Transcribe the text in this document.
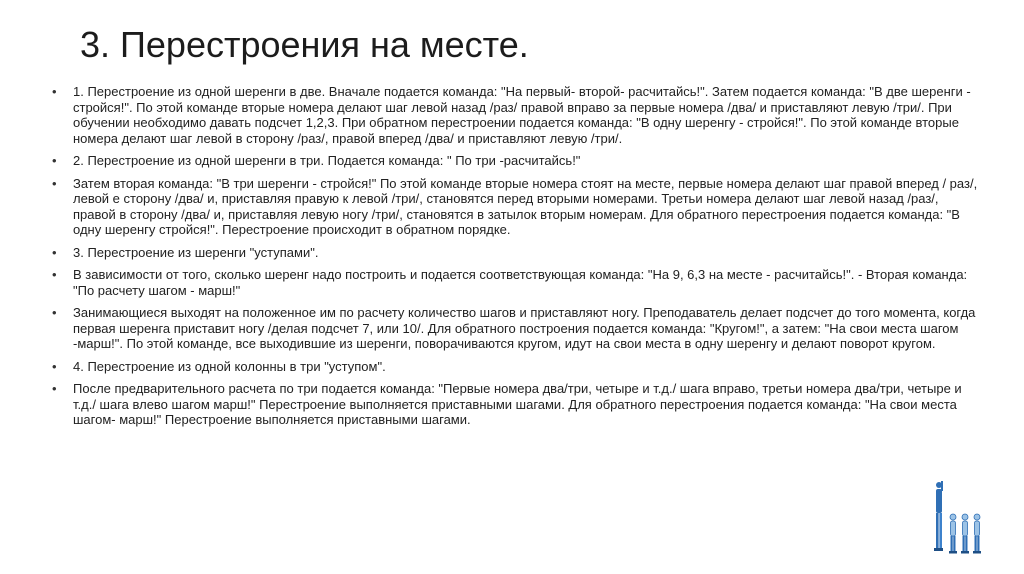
3. Перестроения на месте.
• 1. Перестроение из одной шеренги в две. Вначале подается команда: "На первый- второй- расчитайсь!". Затем подается команда: "В две шеренги - стройся!". По этой команде вторые номера делают шаг левой назад /раз/ правой вправо за первые номера /два/ и приставляют левую /три/. При обучении необходимо давать подсчет 1,2,3. При обратном перестроении подается команда: "В одну шеренгу - стройся!". По этой команде вторые номера делают шаг левой в сторону /раз/, правой вперед /два/ и приставляют левую /три/.
• 2. Перестроение из одной шеренги в три. Подается команда: " По три -расчитайсь!"
• Затем вторая команда: "В три шеренги - стройся!" По этой команде вторые номера стоят на месте, первые номера делают шаг правой вперед / раз/, левой е сторону /два/ и, приставляя правую к левой /три/, становятся перед вторыми номерами. Третьи номера делают шаг левой назад /раз/, правой в сторону /два/ и, приставляя левую ногу /три/, становятся в затылок вторым номерам. Для обратного перестроения подается команда: "В одну шеренгу стройся!". Перестроение происходит в обратном порядке.
• 3. Перестроение из шеренги "уступами".
• В зависимости от того, сколько шеренг надо построить и подается соответствующая команда: "На 9, 6,3 на месте - расчитайсь!". - Вторая команда: "По расчету шагом - марш!"
• Занимающиеся выходят на положенное им по расчету количество шагов и приставляют ногу. Преподаватель делает подсчет до того момента, когда первая шеренга приставит ногу /делая подсчет 7, или 10/. Для обратного построения подается команда: "Кругом!", а затем: "На свои места шагом -марш!". По этой команде, все выходившие из шеренги, поворачиваются кругом, идут на свои места в одну шеренгу и делают поворот кругом.
• 4. Перестроение из одной колонны в три "уступом".
• После предварительного расчета по три подается команда: "Первые номера два/три, четыре и т.д./ шага вправо, третьи номера два/три, четыре и т.д./ шага влево шагом марш!" Перестроение выполняется приставными шагами. Для обратного перестроения подается команда: "На свои места шагом- марш!" Перестроение выполняется приставными шагами.
